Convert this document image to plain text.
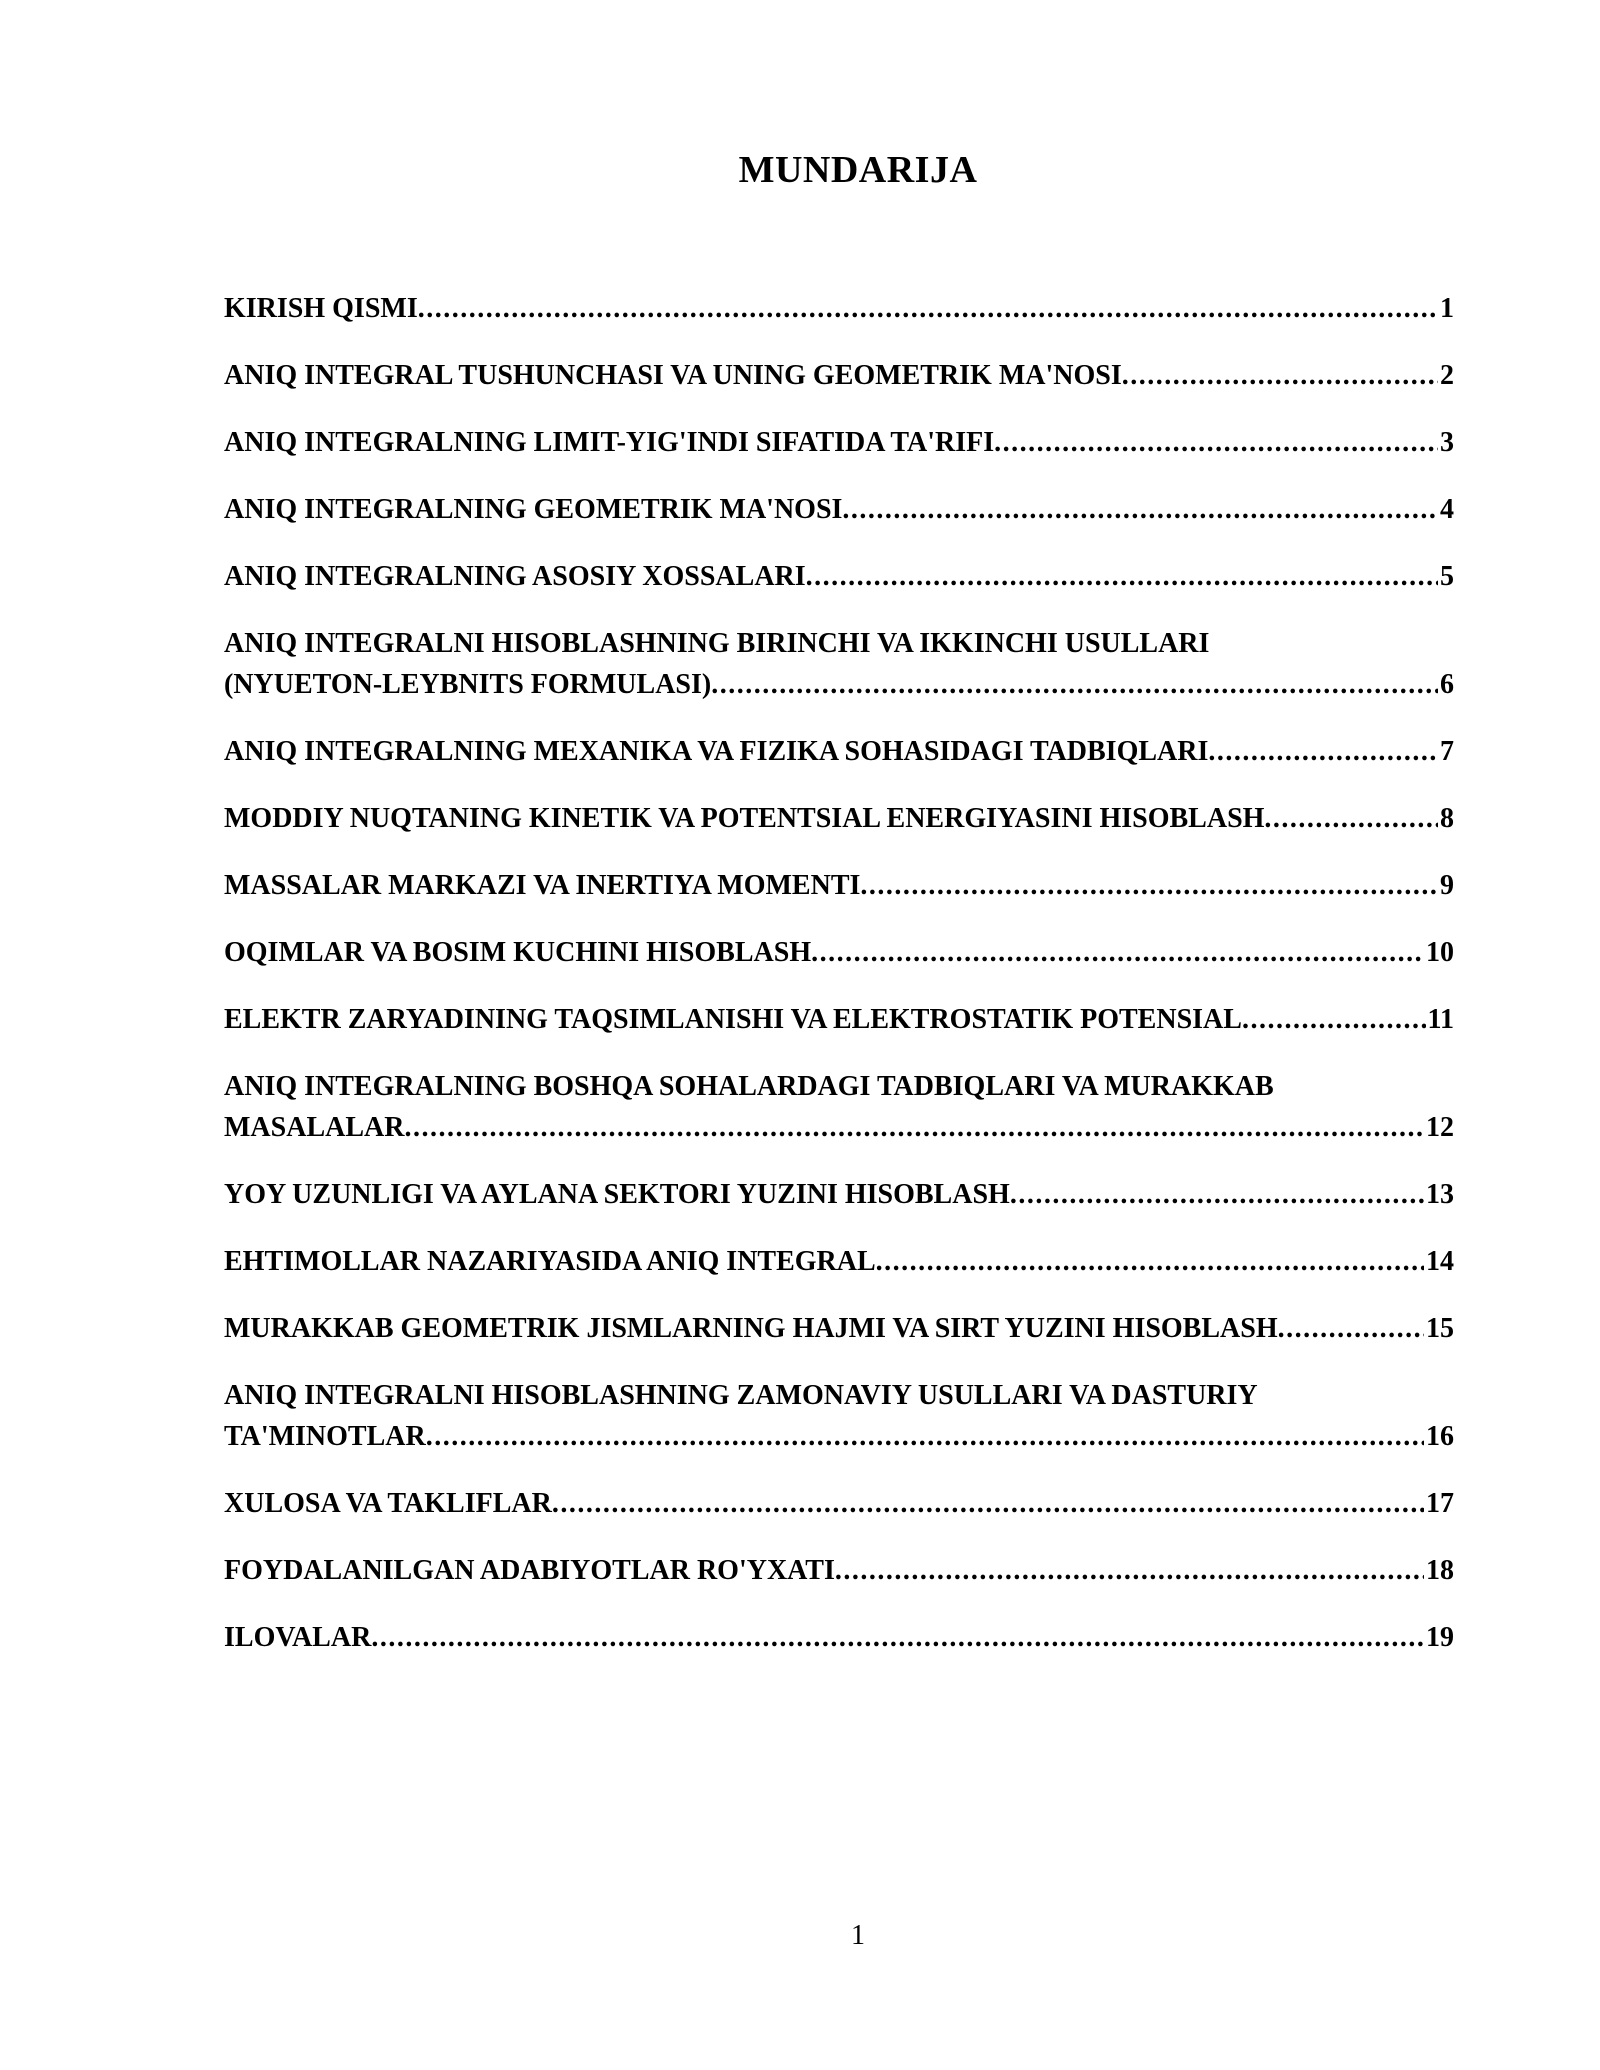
MUNDARIJA
KIRISH QISMI .....	1
ANIQ INTEGRAL TUSHUNCHASI VA UNING GEOMETRIK MA'NOSI .....	2
ANIQ INTEGRALNING LIMIT-YIG'INDI SIFATIDA TA'RIFI .....	3
ANIQ INTEGRALNING GEOMETRIK MA'NOSI .....	4
ANIQ INTEGRALNING ASOSIY XOSSALARI .....	5
ANIQ INTEGRALNI HISOBLASHNING BIRINCHI VA IKKINCHI USULLARI
(NYUETON-LEYBNITS FORMULASI) .....	6
ANIQ INTEGRALNING MEXANIKA VA FIZIKA SOHASIDAGI TADBIQLARI .....	7
MODDIY NUQTANING KINETIK VA POTENTSIAL ENERGIYASINI HISOBLASH .....	8
MASSALAR MARKAZI VA INERTIYA MOMENTI .....	9
OQIMLAR VA BOSIM KUCHINI HISOBLASH .....	10
ELEKTR ZARYADINING TAQSIMLANISHI VA ELEKTROSTATIK POTENSIAL .....	11
ANIQ INTEGRALNING BOSHQA SOHALARDAGI TADBIQLARI VA MURAKKAB
MASALALAR .....	12
YOY UZUNLIGI VA AYLANA SEKTORI YUZINI HISOBLASH .....	13
EHTIMOLLAR NAZARIYASIDA ANIQ INTEGRAL .....	14
MURAKKAB GEOMETRIK JISMLARNING HAJMI VA SIRT YUZINI HISOBLASH .....	15
ANIQ INTEGRALNI HISOBLASHNING ZAMONAVIY USULLARI VA DASTURIY
TA'MINOTLAR .....	16
XULOSA VA TAKLIFLAR .....	17
FOYDALANILGAN ADABIYOTLAR RO'YXATI .....	18
ILOVALAR .....	19
1
